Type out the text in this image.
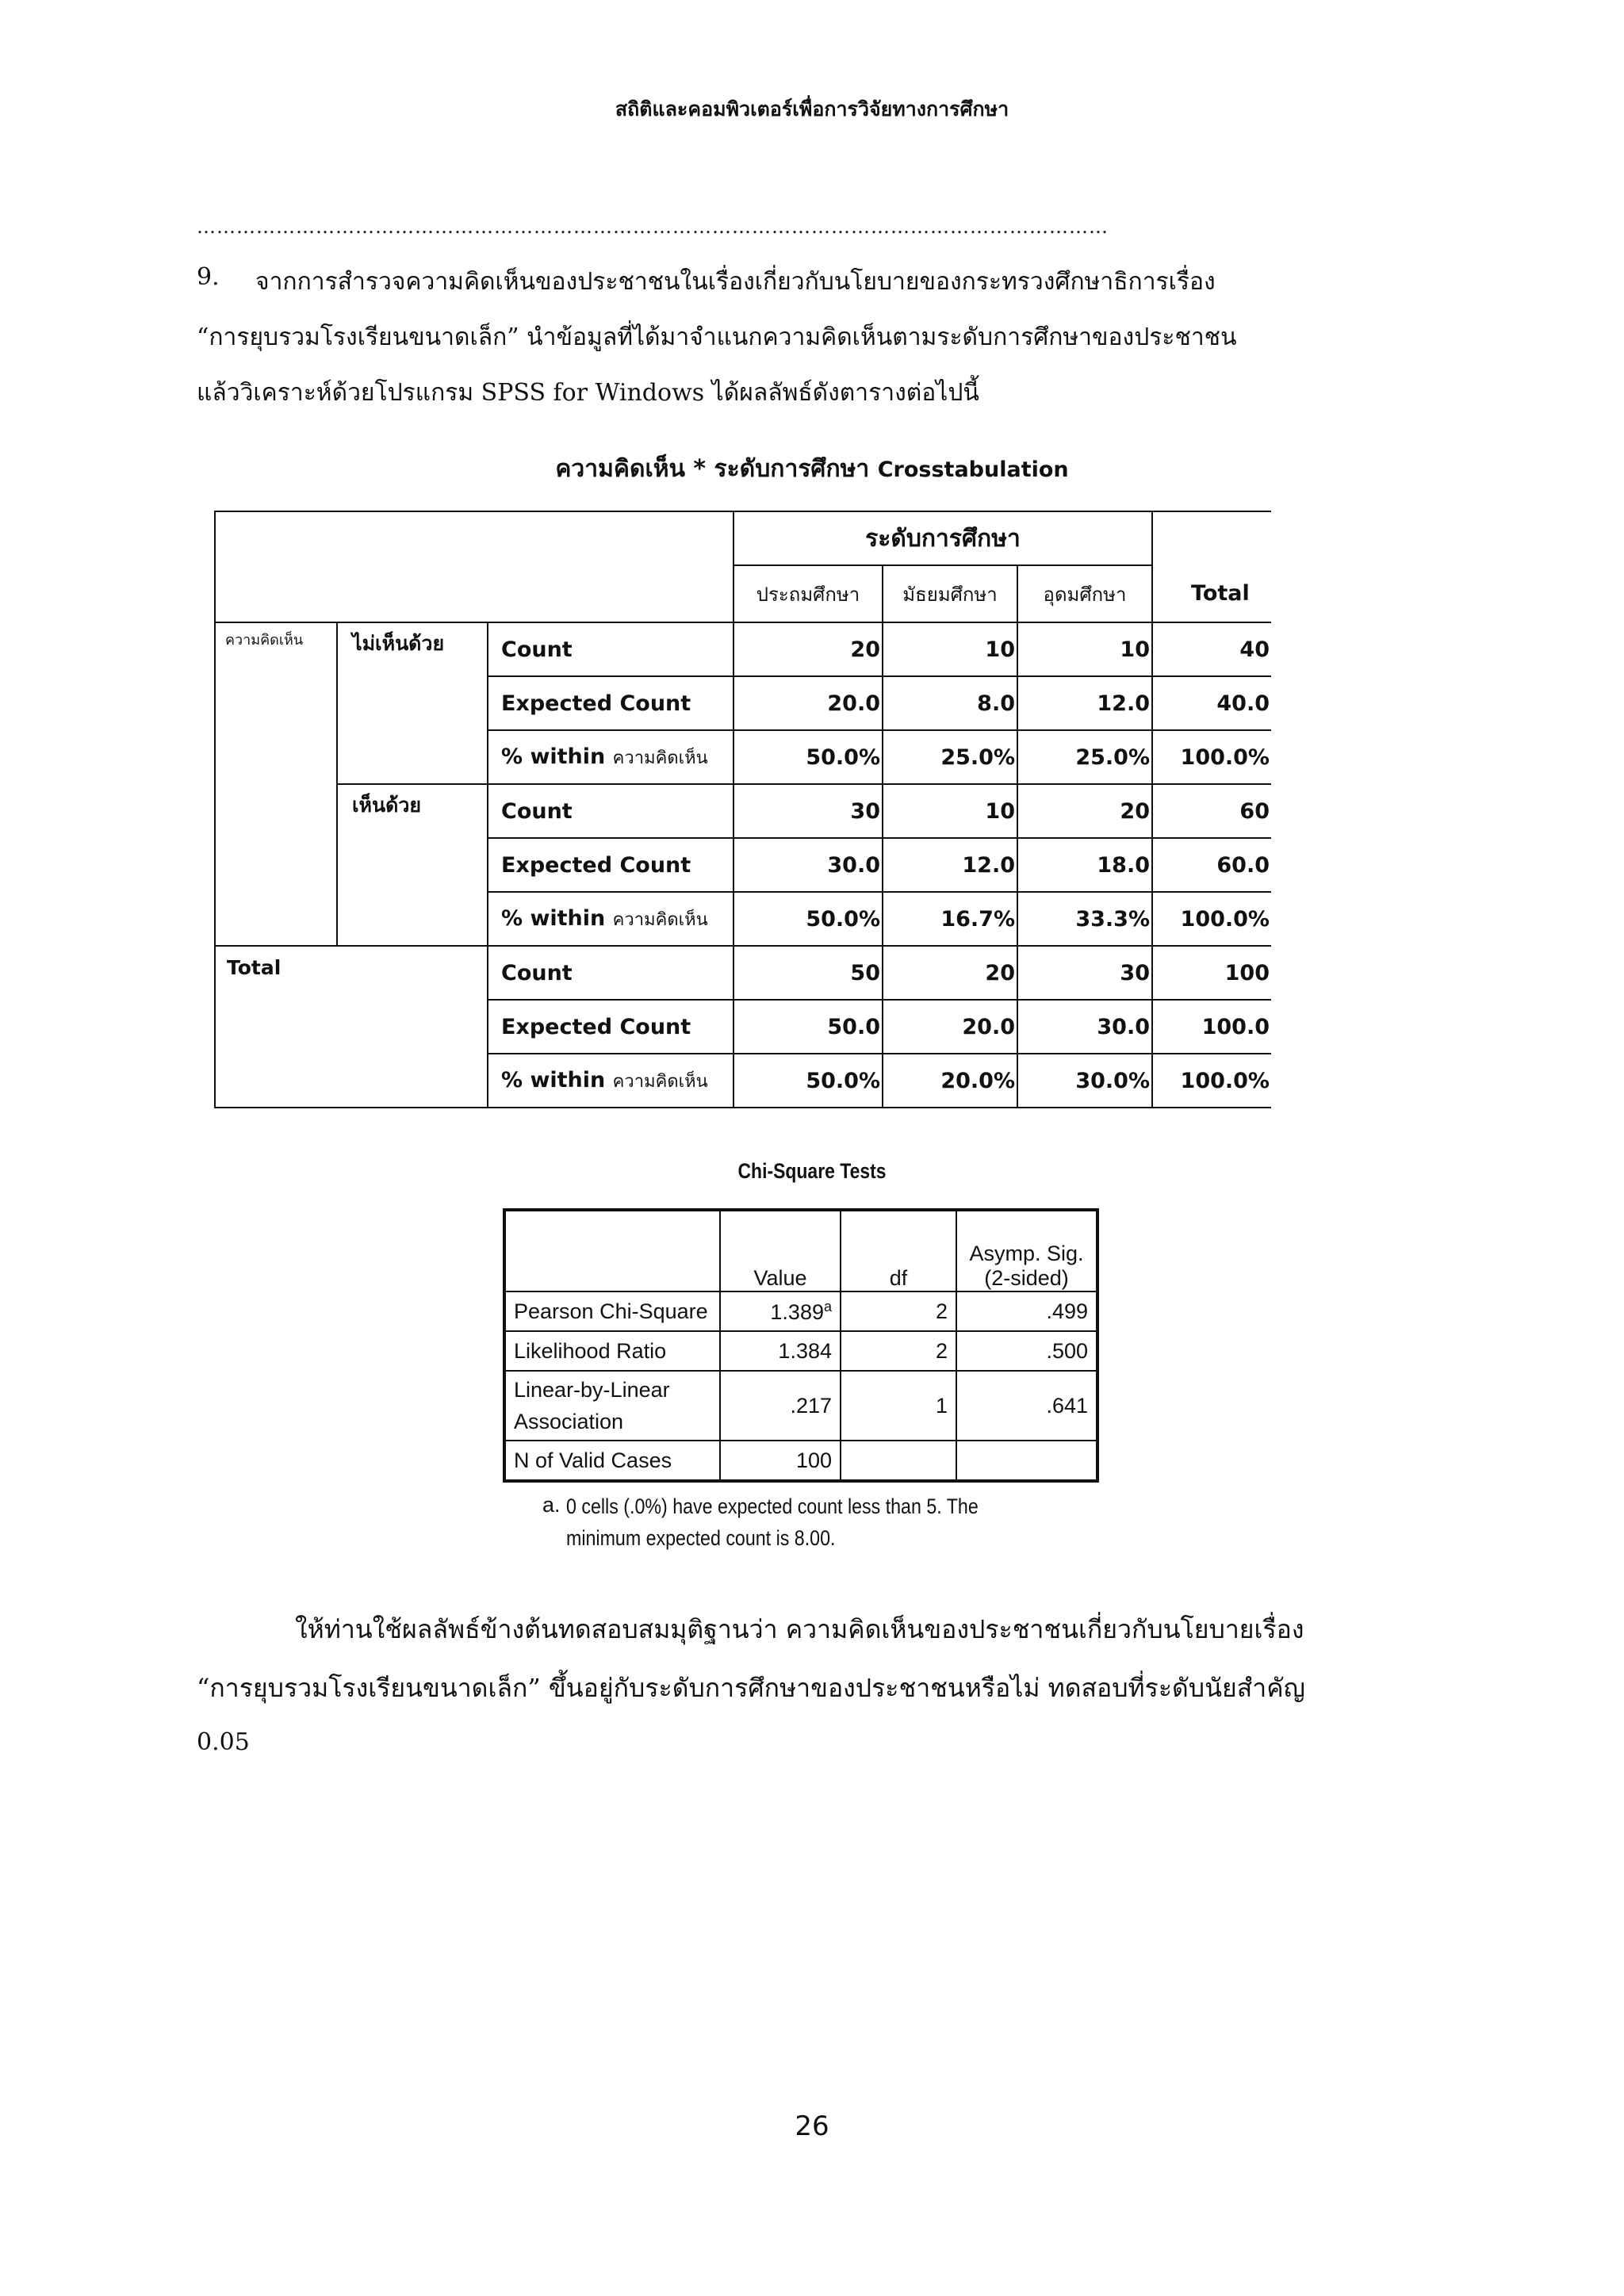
สถิติและคอมพิวเตอร์เพื่อการวิจัยทางการศึกษา
…………………………………………………………………………………………………………………………
9. จากการสำรวจความคิดเห็นของประชาชนในเรื่องเกี่ยวกับนโยบายของกระทรวงศึกษาธิการเรื่อง
“การยุบรวมโรงเรียนขนาดเล็ก” นำข้อมูลที่ได้มาจำแนกความคิดเห็นตามระดับการศึกษาของประชาชน
แล้ววิเคราะห์ด้วยโปรแกรม SPSS for Windows ได้ผลลัพธ์ดังตารางต่อไปนี้
ความคิดเห็น * ระดับการศึกษา Crosstabulation
			ระดับการศึกษา			
			ประถมศึกษา	มัธยมศึกษา	อุดมศึกษา	Total
ความคิดเห็น	ไม่เห็นด้วย	Count	20	10	10	40
		Expected Count	20.0	8.0	12.0	40.0
		% within ความคิดเห็น	50.0%	25.0%	25.0%	100.0%
	เห็นด้วย	Count	30	10	20	60
		Expected Count	30.0	12.0	18.0	60.0
		% within ความคิดเห็น	50.0%	16.7%	33.3%	100.0%
Total		Count	50	20	30	100
		Expected Count	50.0	20.0	30.0	100.0
		% within ความคิดเห็น	50.0%	20.0%	30.0%	100.0%
Chi-Square Tests
	Value	df	Asymp. Sig.
(2-sided)

Pearson Chi-Square	1.389$^a$	2	.499
Likelihood Ratio	1.384	2	.500

Linear-by-Linear
Association	.217	1	.641
N of Valid Cases	100		
a. 0 cells (.0%) have expected count less than 5. The
minimum expected count is 8.00.
ให้ท่านใช้ผลลัพธ์ข้างต้นทดสอบสมมุติฐานว่า ความคิดเห็นของประชาชนเกี่ยวกับนโยบายเรื่อง
“การยุบรวมโรงเรียนขนาดเล็ก” ขึ้นอยู่กับระดับการศึกษาของประชาชนหรือไม่ ทดสอบที่ระดับนัยสำคัญ
0.05
26
